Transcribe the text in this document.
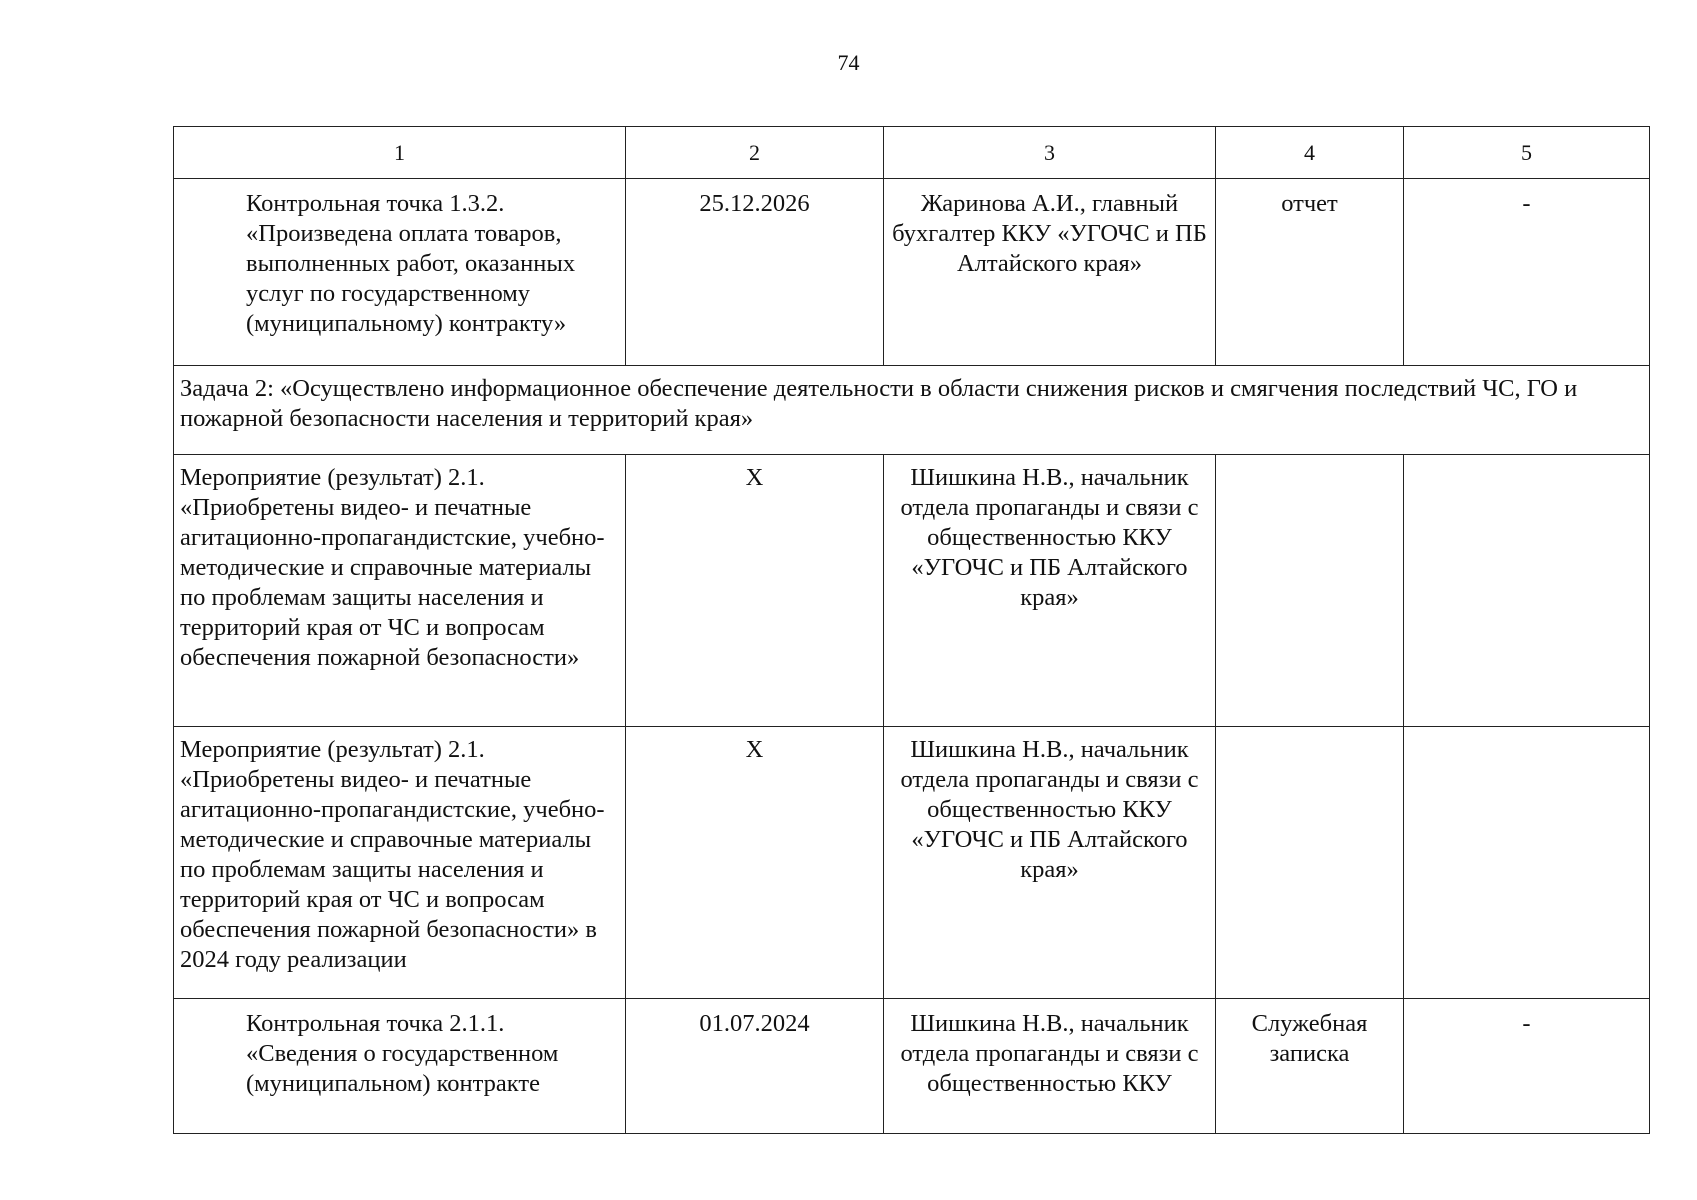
74
1	2	3	4	5
Контрольная точка 1.3.2. «Произведена оплата товаров, выполненных работ, оказанных услуг по государственному (муниципальному) контракту»	25.12.2026	Жаринова А.И., главный бухгалтер ККУ «УГОЧС и ПБ Алтайского края»	отчет	-
Задача 2: «Осуществлено информационное обеспечение деятельности в области снижения рисков и смягчения последствий ЧС, ГО и пожарной безопасности населения и территорий края»				
Мероприятие (результат) 2.1. «Приобретены видео- и печатные агитационно-пропагандистские, учебно-методические и справочные материалы по проблемам защиты населения и территорий края от ЧС и вопросам обеспечения пожарной безопасности»	X	Шишкина Н.В., начальник отдела пропаганды и связи с общественностью ККУ «УГОЧС и ПБ Алтайского края»		
Мероприятие (результат) 2.1. «Приобретены видео- и печатные агитационно-пропагандистские, учебно-методические и справочные материалы по проблемам защиты населения и территорий края от ЧС и вопросам обеспечения пожарной безопасности» в 2024 году реализации	X	Шишкина Н.В., начальник отдела пропаганды и связи с общественностью ККУ «УГОЧС и ПБ Алтайского края»		
Контрольная точка 2.1.1. «Сведения о государственном (муниципальном) контракте	01.07.2024	Шишкина Н.В., начальник отдела пропаганды и связи с общественностью ККУ	Служебная записка	-
